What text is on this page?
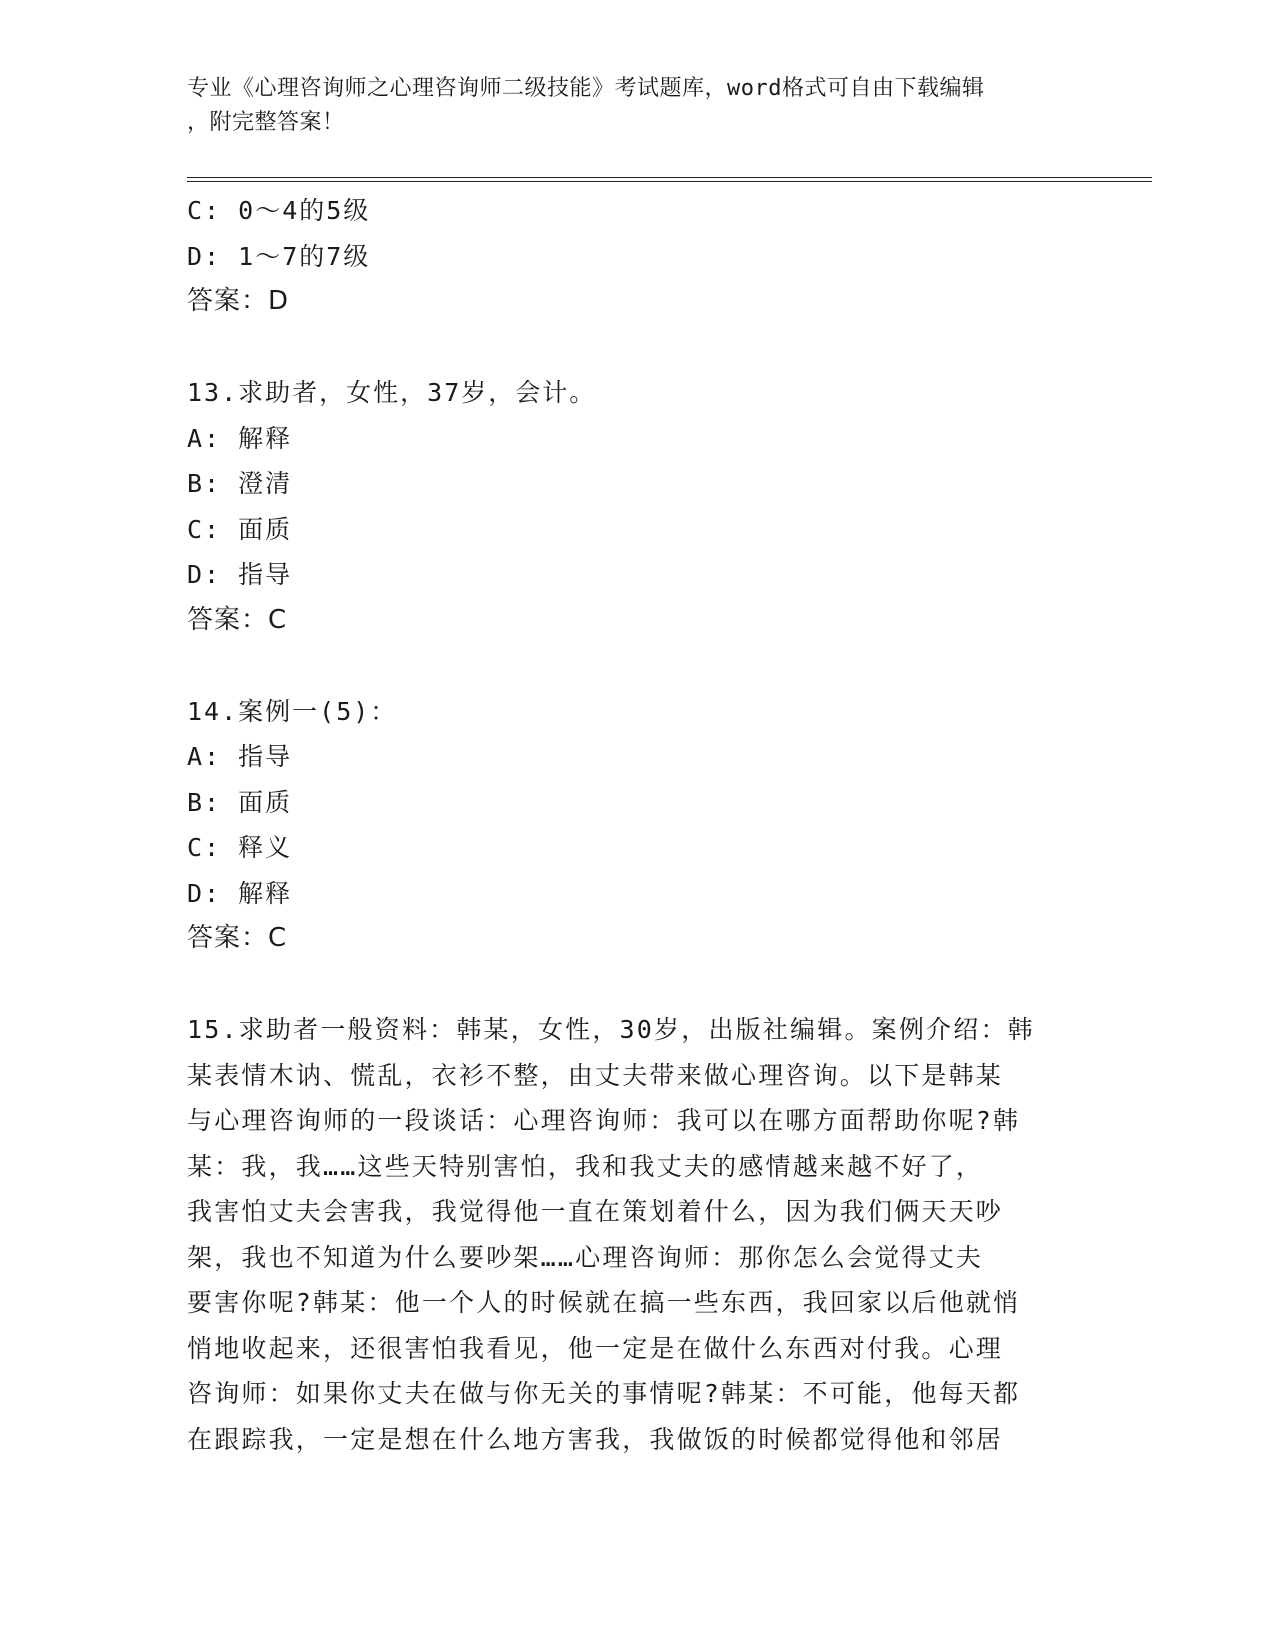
专业《心理咨询师之心理咨询师二级技能》考试题库，word格式可自由下载编辑
，附完整答案！
C: 0～4的5级
D: 1～7的7级
答案：D
13.求助者，女性，37岁，会计。
A: 解释
B: 澄清
C: 面质
D: 指导
答案：C
14.案例一(5)：
A: 指导
B: 面质
C: 释义
D: 解释
答案：C
15.求助者一般资料：韩某，女性，30岁，出版社编辑。案例介绍：韩
某表情木讷、慌乱，衣衫不整，由丈夫带来做心理咨询。以下是韩某
与心理咨询师的一段谈话：心理咨询师：我可以在哪方面帮助你呢?韩
某：我，我……这些天特别害怕，我和我丈夫的感情越来越不好了，
我害怕丈夫会害我，我觉得他一直在策划着什么，因为我们俩天天吵
架，我也不知道为什么要吵架……心理咨询师：那你怎么会觉得丈夫
要害你呢?韩某：他一个人的时候就在搞一些东西，我回家以后他就悄
悄地收起来，还很害怕我看见，他一定是在做什么东西对付我。心理
咨询师：如果你丈夫在做与你无关的事情呢?韩某：不可能，他每天都
在跟踪我，一定是想在什么地方害我，我做饭的时候都觉得他和邻居
